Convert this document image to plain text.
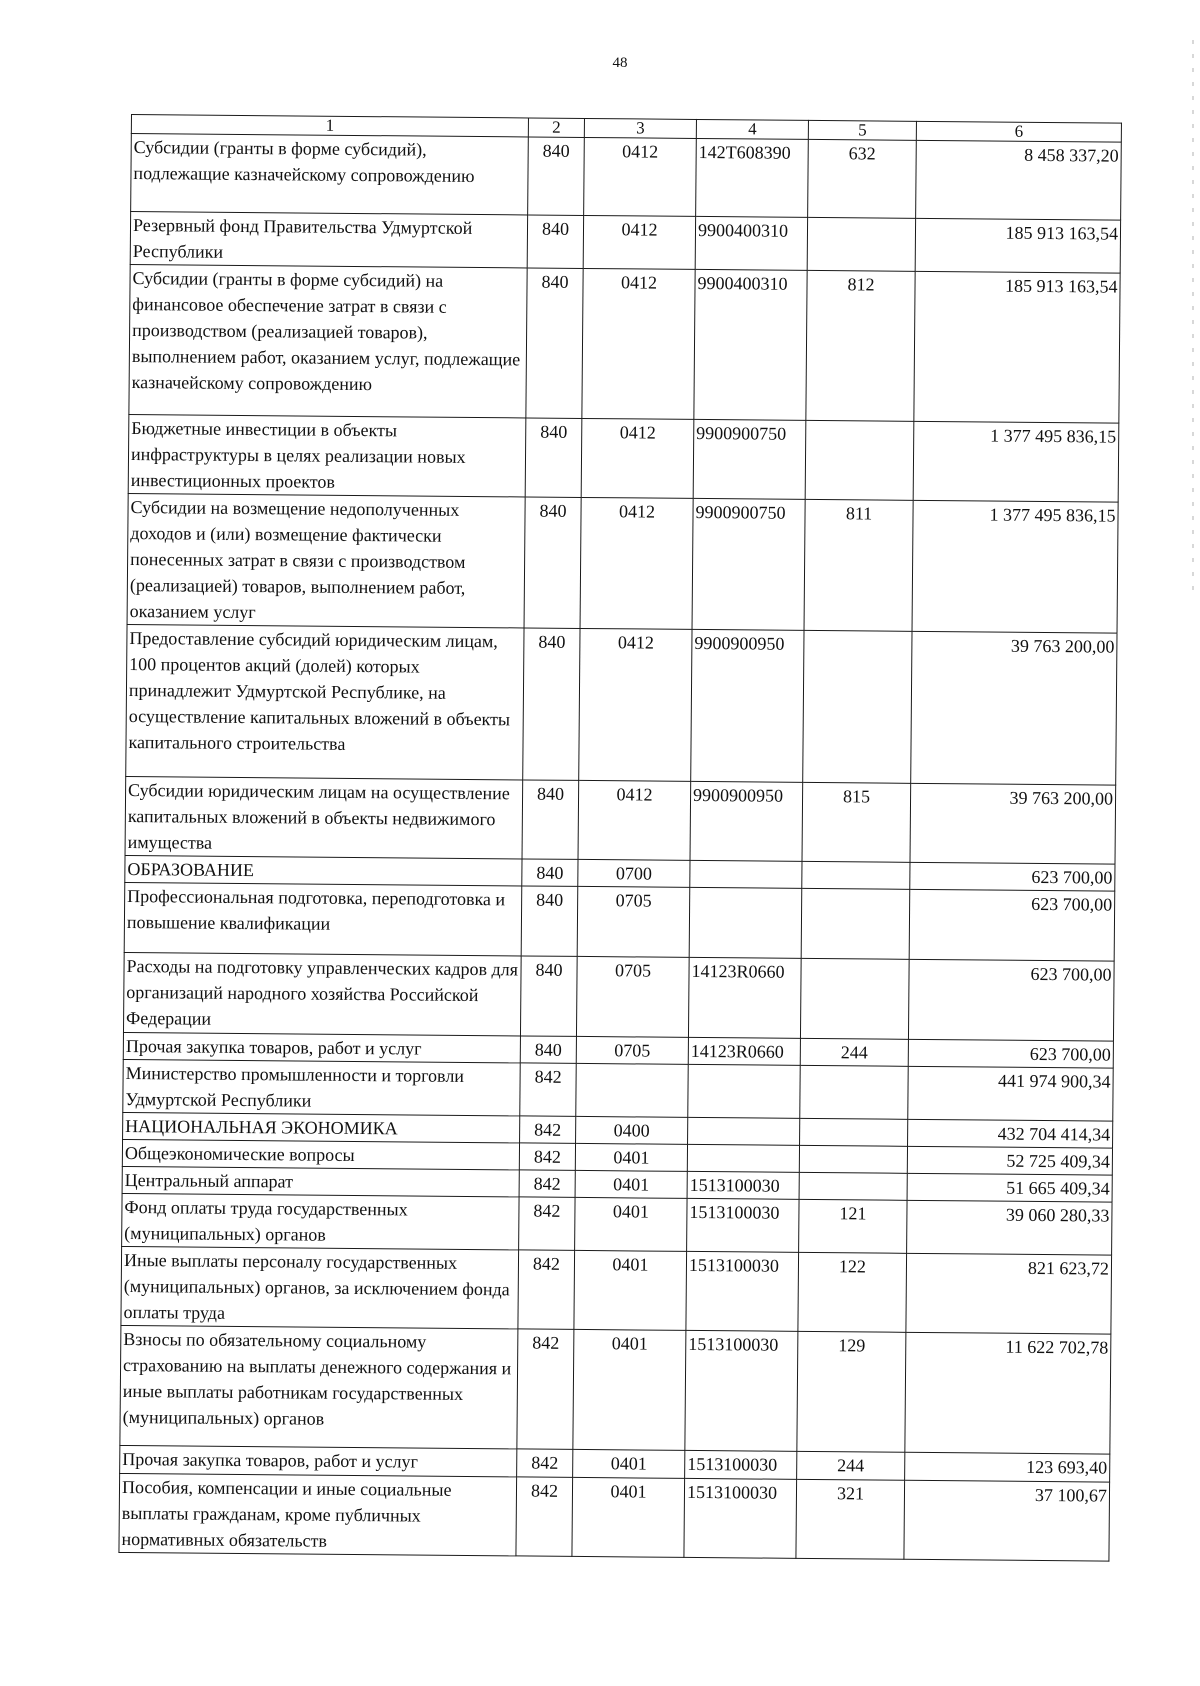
48
1	2	3	4	5	6
Субсидии (гранты в форме субсидий), подлежащие казначейскому сопровождению	840	0412	142T608390	632	8 458 337,20
Резервный фонд Правительства Удмуртской Республики	840	0412	9900400310		185 913 163,54
Субсидии (гранты в форме субсидий) на финансовое обеспечение затрат в связи с производством (реализацией товаров), выполнением работ, оказанием услуг, подлежащие казначейскому сопровождению	840	0412	9900400310	812	185 913 163,54
Бюджетные инвестиции в объекты инфраструктуры в целях реализации новых инвестиционных проектов	840	0412	9900900750		1 377 495 836,15
Субсидии на возмещение недополученных доходов и (или) возмещение фактически понесенных затрат в связи с производством (реализацией) товаров, выполнением работ, оказанием услуг	840	0412	9900900750	811	1 377 495 836,15
Предоставление субсидий юридическим лицам, 100 процентов акций (долей) которых принадлежит Удмуртской Республике, на осуществление капитальных вложений в объекты капитального строительства	840	0412	9900900950		39 763 200,00
Субсидии юридическим лицам на осуществление капитальных вложений в объекты недвижимого имущества	840	0412	9900900950	815	39 763 200,00
ОБРАЗОВАНИЕ	840	0700			623 700,00
Профессиональная подготовка, переподготовка и повышение квалификации	840	0705			623 700,00
Расходы на подготовку управленческих кадров для организаций народного хозяйства Российской Федерации	840	0705	14123R0660		623 700,00
Прочая закупка товаров, работ и услуг	840	0705	14123R0660	244	623 700,00
Министерство промышленности и торговли Удмуртской Республики	842				441 974 900,34
НАЦИОНАЛЬНАЯ ЭКОНОМИКА	842	0400			432 704 414,34
Общеэкономические вопросы	842	0401			52 725 409,34
Центральный аппарат	842	0401	1513100030		51 665 409,34
Фонд оплаты труда государственных (муниципальных) органов	842	0401	1513100030	121	39 060 280,33
Иные выплаты персоналу государственных (муниципальных) органов, за исключением фонда оплаты труда	842	0401	1513100030	122	821 623,72
Взносы по обязательному социальному страхованию на выплаты денежного содержания и иные выплаты работникам государственных (муниципальных) органов	842	0401	1513100030	129	11 622 702,78
Прочая закупка товаров, работ и услуг	842	0401	1513100030	244	123 693,40
Пособия, компенсации и иные социальные выплаты гражданам, кроме публичных нормативных обязательств	842	0401	1513100030	321	37 100,67
